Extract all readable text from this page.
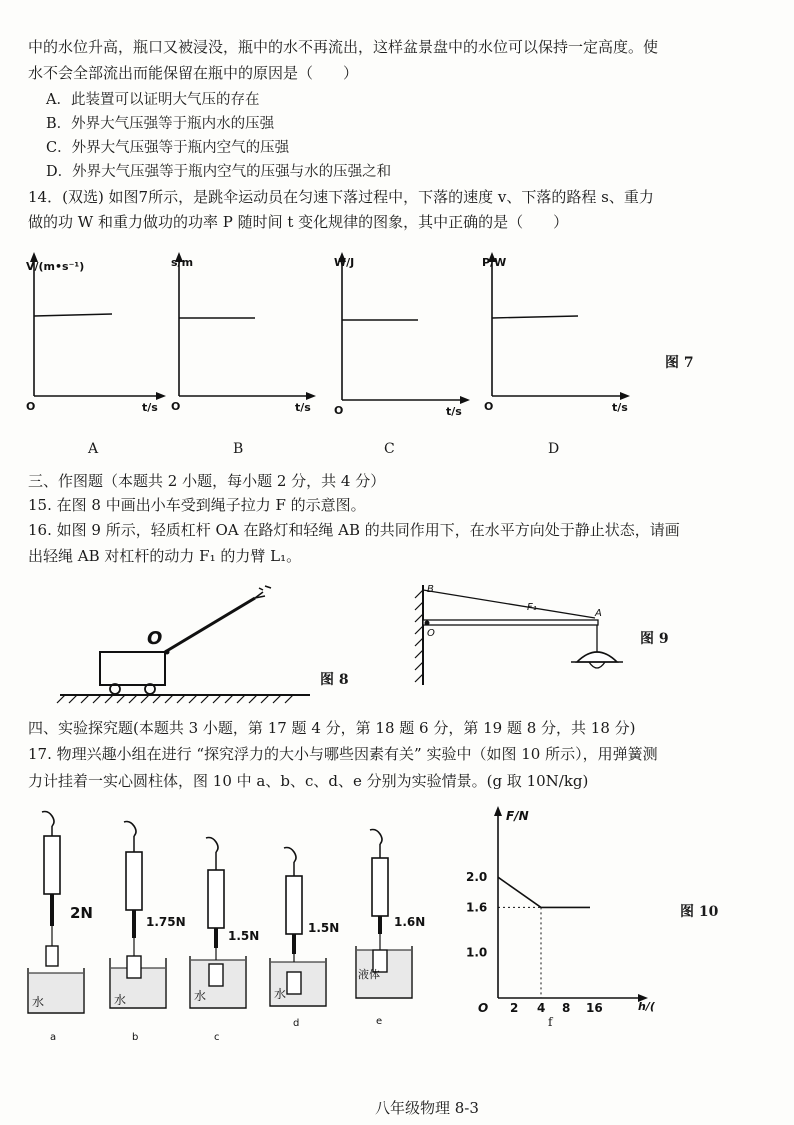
中的水位升高，瓶口又被浸没，瓶中的水不再流出，这样盆景盘中的水位可以保持一定高度。使
水不会全部流出而能保留在瓶中的原因是（　　）
A．此装置可以证明大气压的存在
B．外界大气压强等于瓶内水的压强
C．外界大气压强等于瓶内空气的压强
D．外界大气压强等于瓶内空气的压强与水的压强之和
14．(双选) 如图7所示，是跳伞运动员在匀速下落过程中，下落的速度 v、下落的路程 s、重力
做的功 W 和重力做功的功率 P 随时间 t 变化规律的图象，其中正确的是（　　）
V/(m•s⁻¹)
O	t/s
s/m
O	t/s
W/J
O	t/s
P/W
O	t/s
图 7
A	B	C	D
三、作图题（本题共 2 小题，每小题 2 分，共 4 分）
15. 在图 8 中画出小车受到绳子拉力 F 的示意图。
16. 如图 9 所示，轻质杠杆 OA 在路灯和轻绳 AB 的共同作用下，在水平方向处于静止状态，请画
出轻绳 AB 对杠杆的动力 F₁ 的力臂 L₁。
O
图 8
B
A
O
F₁
图 9
四、实验探究题(本题共 3 小题，第 17 题 4 分，第 18 题 6 分，第 19 题 8 分，共 18 分)
17. 物理兴趣小组在进行 “探究浮力的大小与哪些因素有关” 实验中（如图 10 所示），用弹簧测
力计挂着一实心圆柱体，图 10 中 a、b、c、d、e 分别为实验情景。(g 取 10N/kg)
2N
水
a
1.75N
水
b
1.5N
水
c
1.5N
水
d
1.6N
液体
e
F/N
h/(
O 2 4 8 16
1.0
1.6
2.0
图 10
f
八年级物理 8-3
